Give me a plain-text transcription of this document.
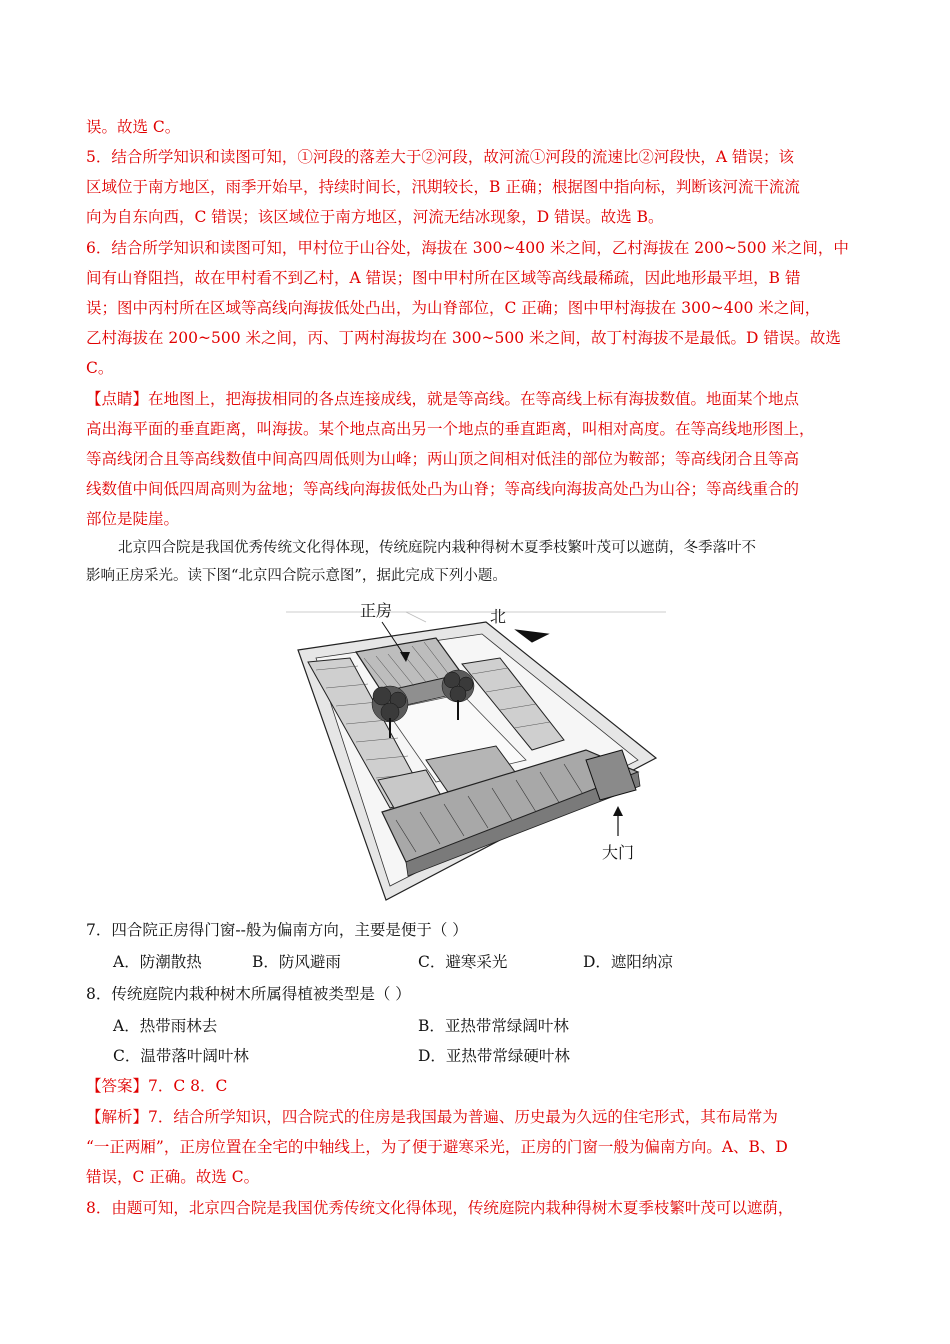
误。故选 C。
5．结合所学知识和读图可知，①河段的落差大于②河段，故河流①河段的流速比②河段快，A 错误；该
区域位于南方地区，雨季开始早，持续时间长，汛期较长，B 正确；根据图中指向标，判断该河流干流流
向为自东向西，C 错误；该区域位于南方地区，河流无结冰现象，D 错误。故选 B。
6．结合所学知识和读图可知，甲村位于山谷处，海拔在 300~400 米之间，乙村海拔在 200~500 米之间，中
间有山脊阻挡，故在甲村看不到乙村，A 错误；图中甲村所在区域等高线最稀疏，因此地形最平坦，B 错
误；图中丙村所在区域等高线向海拔低处凸出，为山脊部位，C 正确；图中甲村海拔在 300~400 米之间，
乙村海拔在 200~500 米之间，丙、丁两村海拔均在 300~500 米之间，故丁村海拔不是最低。D 错误。故选
C。
【点睛】在地图上，把海拔相同的各点连接成线，就是等高线。在等高线上标有海拔数值。地面某个地点
高出海平面的垂直距离，叫海拔。某个地点高出另一个地点的垂直距离，叫相对高度。在等高线地形图上，
等高线闭合且等高线数值中间高四周低则为山峰；两山顶之间相对低洼的部位为鞍部；等高线闭合且等高
线数值中间低四周高则为盆地；等高线向海拔低处凸为山脊；等高线向海拔高处凸为山谷；等高线重合的
部位是陡崖。
北京四合院是我国优秀传统文化得体现，传统庭院内栽种得树木夏季枝繁叶茂可以遮荫，冬季落叶不
影响正房采光。读下图“北京四合院示意图”，据此完成下列小题。
正房	北
大门
7．四合院正房得门窗--般为偏南方向，主要是便于（ ）
A．防潮散热	B．防风避雨	C．避寒采光	D．遮阳纳凉
8．传统庭院内栽种树木所属得植被类型是（ ）
A．热带雨林去	B．亚热带常绿阔叶林
C．温带落叶阔叶林	D．亚热带常绿硬叶林
【答案】7．C 8．C
【解析】7．结合所学知识，四合院式的住房是我国最为普遍、历史最为久远的住宅形式，其布局常为
“一正两厢”，正房位置在全宅的中轴线上，为了便于避寒采光，正房的门窗一般为偏南方向。A、B、D
错误，C 正确。故选 C。
8．由题可知，北京四合院是我国优秀传统文化得体现，传统庭院内栽种得树木夏季枝繁叶茂可以遮荫，
